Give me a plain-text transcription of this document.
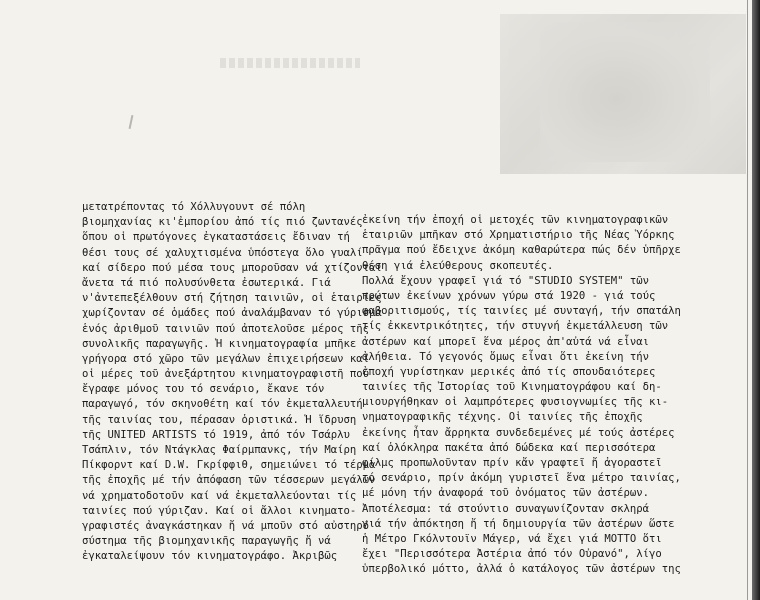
μετατρέποντας τό Χόλλυγουντ σέ πόλη
βιομηχανίας κι'ἐμπορίου ἀπό τίς πιό ζωντανές
ὅπου οἱ πρωτόγονες ἐγκαταστάσεις ἔδιναν τή
θέσι τους σέ χαλυχτισμένα ὑπόστεγα ὅλο γυαλί
καί σίδερο πού μέσα τους μποροῦσαν νά χτίζονται
ἄνετα τά πιό πολυσύνθετα ἐσωτερικά. Γιά
ν'ἀντεπεξέλθουν στή ζήτηση ταινιῶν, οἱ ἑταιρίες
χωρίζονταν σέ ὁμάδες πού ἀναλάμβαναν τό γύρισμα
ἑνός ἀριθμοῦ ταινιῶν πού ἀποτελοῦσε μέρος τῆς
συνολικῆς παραγωγῆς. Ἡ κινηματογραφία μπῆκε
γρήγορα στό χῶρο τῶν μεγάλων ἐπιχειρήσεων καί
οἱ μέρες τοῦ ἀνεξάρτητου κινηματογραφιστῆ πού
ἔγραφε μόνος του τό σενάριο, ἔκανε τόν
παραγωγό, τόν σκηνοθέτη καί τόν ἐκμεταλλευτή
τῆς ταινίας του, πέρασαν ὁριστικά. Ἡ ἵδρυση
τῆς UNITED ARTISTS τό 1919, ἀπό τόν Τσάρλυ
Τσάπλιν, τόν Ντάγκλας Φαίρμπανκς, τήν Μαίρη
Πίκφορντ καί D.W. Γκρίφφιθ, σημειώνει τό τέρμα
τῆς ἐποχῆς μέ τήν ἀπόφαση τῶν τέσσερων μεγάλων
νά χρηματοδοτοῦν καί νά ἐκμεταλλεύονται τίς
ταινίες πού γύριζαν. Καί οἱ ἄλλοι κινηματο-
γραφιστές ἀναγκάστηκαν ἤ νά μποῦν στό αὐστηρό
σύστημα τῆς βιομηχανικῆς παραγωγῆς ἤ νά
ἐγκαταλείψουν τόν κινηματογράφο. Ἀκριβῶς
ἐκείνη τήν ἐποχή οἱ μετοχές τῶν κινηματογραφικῶν
ἑταιριῶν μπῆκαν στό Χρηματιστήριο τῆς Νέας Ὑόρκης
πρᾶγμα πού ἔδειχνε ἀκόμη καθαρώτερα πώς δέν ὑπῆρχε
θέση γιά ἐλεύθερους σκοπευτές.
Πολλά ἔχουν γραφεῖ γιά τό "STUDIO SYSTEM" τῶν
πρώτων ἐκείνων χρόνων γύρω στά 1920 - γιά τούς
φαβοριτισμούς, τίς ταινίες μέ συνταγή, τήν σπατάλη
τίς ἐκκεντρικότητες, τήν στυγνή ἐκμετάλλευση τῶν
ἀστέρων καί μπορεῖ ἕνα μέρος ἀπ'αὐτά νά εἶναι
ἀλήθεια. Τό γεγονός ὅμως εἶναι ὅτι ἐκείνη τήν
ἐποχή γυρίστηκαν μερικές ἀπό τίς σπουδαιότερες
ταινίες τῆς Ἱστορίας τοῦ Κινηματογράφου καί δη-
μιουργήθηκαν οἱ λαμπρότερες φυσιογνωμίες τῆς κι-
νηματογραφικῆς τέχνης. Οἱ ταινίες τῆς ἐποχῆς
ἐκείνης ἦταν ἄρρηκτα συνδεδεμένες μέ τούς ἀστέρες
καί ὁλόκληρα πακέτα ἀπό δώδεκα καί περισσότερα
φίλμς προπωλοῦνταν πρίν κἄν γραφτεῖ ἤ ἀγοραστεῖ
τό σενάριο, πρίν ἀκόμη γυριστεῖ ἕνα μέτρο ταινίας,
μέ μόνη τήν ἀναφορά τοῦ ὀνόματος τῶν ἀστέρων.
Ἀποτέλεσμα: τά στούντιο συναγωνίζονταν σκληρά
γιά τήν ἀπόκτηση ἤ τή δημιουργία τῶν ἀστέρων ὥστε
ἡ Μέτρο Γκόλντουϊν Μάγερ, νά ἔχει γιά ΜΟΤΤΟ ὅτι
ἔχει "Περισσότερα Ἀστέρια ἀπό τόν Οὐρανό", λίγο
ὑπερβολικό μόττο, ἀλλά ὁ κατάλογος τῶν ἀστέρων της
